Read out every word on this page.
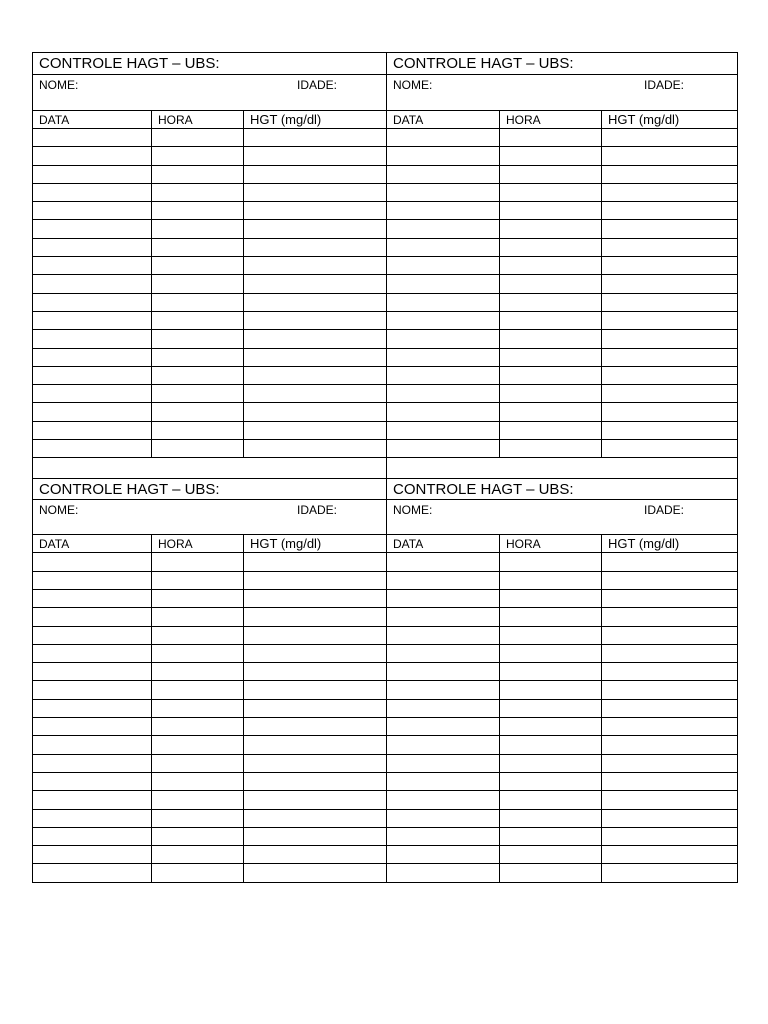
CONTROLE HAGT – UBS:			CONTROLE HAGT – UBS:		
NOME: IDADE:			NOME: IDADE:		

DATA	HORA	HGT (mg/dl)	DATA	HORA	HGT (mg/dl)

CONTROLE HAGT – UBS:			CONTROLE HAGT – UBS:		
NOME: IDADE:			NOME: IDADE:		

DATA	HORA	HGT (mg/dl)	DATA	HORA	HGT (mg/dl)
